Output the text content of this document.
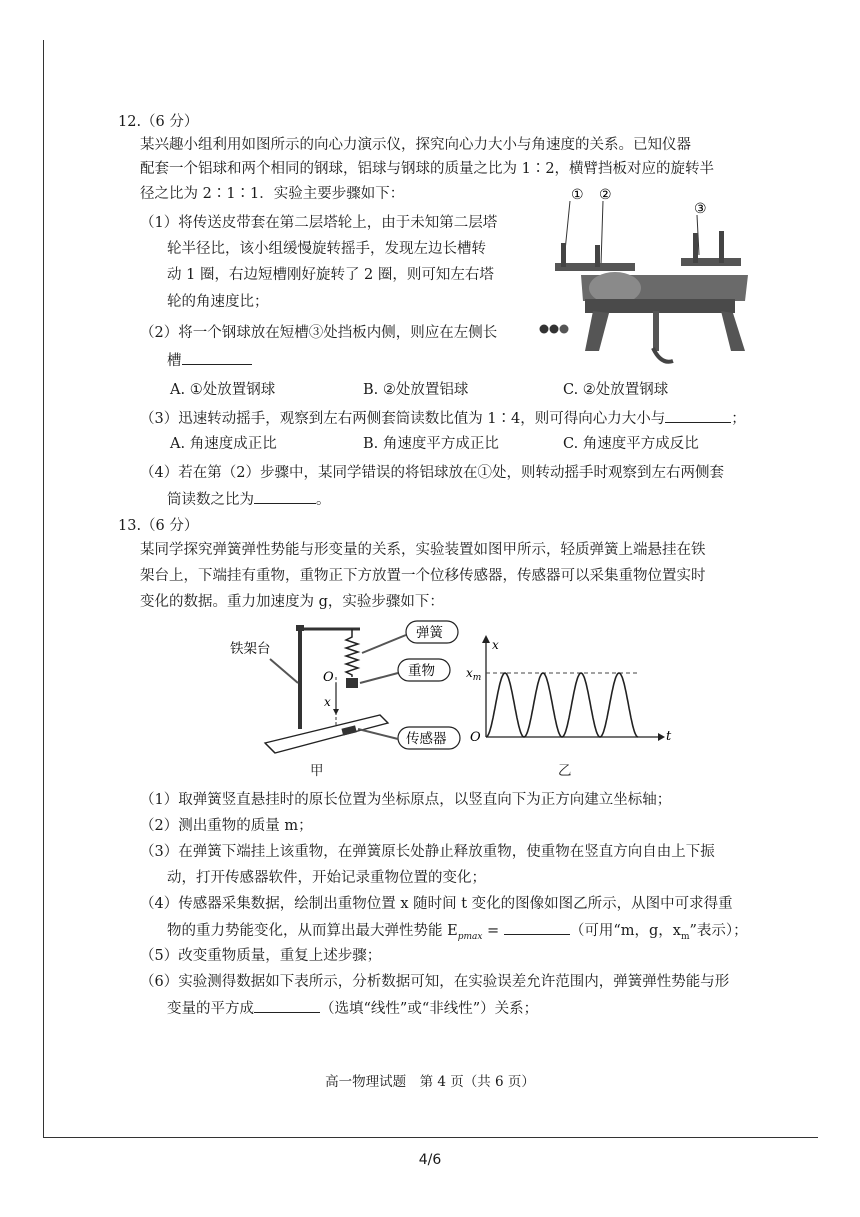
12.（6 分）
某兴趣小组利用如图所示的向心力演示仪，探究向心力大小与角速度的关系。已知仪器
配套一个铝球和两个相同的钢球，铝球与钢球的质量之比为 1∶2，横臂挡板对应的旋转半
径之比为 2∶1∶1．实验主要步骤如下：
（1）将传送皮带套在第二层塔轮上，由于未知第二层塔
轮半径比，该小组缓慢旋转摇手，发现左边长槽转
动 1 圈，右边短槽刚好旋转了 2 圈，则可知左右塔
轮的角速度比；
（2）将一个钢球放在短槽③处挡板内侧，则应在左侧长
槽
A. ①处放置钢球	B. ②处放置铝球	C. ②处放置钢球
（3）迅速转动摇手，观察到左右两侧套筒读数比值为 1∶4，则可得向心力大小与	；
A. 角速度成正比	B. 角速度平方成正比	C. 角速度平方成反比
（4）若在第（2）步骤中，某同学错误的将铝球放在①处，则转动摇手时观察到左右两侧套
筒读数之比为	。
① ②
③
13.（6 分）
某同学探究弹簧弹性势能与形变量的关系，实验装置如图甲所示，轻质弹簧上端悬挂在铁
架台上，下端挂有重物，重物正下方放置一个位移传感器，传感器可以采集重物位置实时
变化的数据。重力加速度为 g，实验步骤如下：
O
x
铁架台
弹簧
重物
传感器	t
x
O
$x_m$
甲	乙
（1）取弹簧竖直悬挂时的原长位置为坐标原点，以竖直向下为正方向建立坐标轴；
（2）测出重物的质量 m；
（3）在弹簧下端挂上该重物，在弹簧原长处静止释放重物，使重物在竖直方向自由上下振
动，打开传感器软件，开始记录重物位置的变化；
（4）传感器采集数据，绘制出重物位置 x 随时间 t 变化的图像如图乙所示，从图中可求得重
物的重力势能变化，从而算出最大弹性势能 $E_{pmax}$ =	（可用“m，g，$x_m$”表示）；
（5）改变重物质量，重复上述步骤；
（6）实验测得数据如下表所示，分析数据可知，在实验误差允许范围内，弹簧弹性势能与形
变量的平方成	（选填“线性”或“非线性”）关系；
高一物理试题　第 4 页（共 6 页）
4/6
